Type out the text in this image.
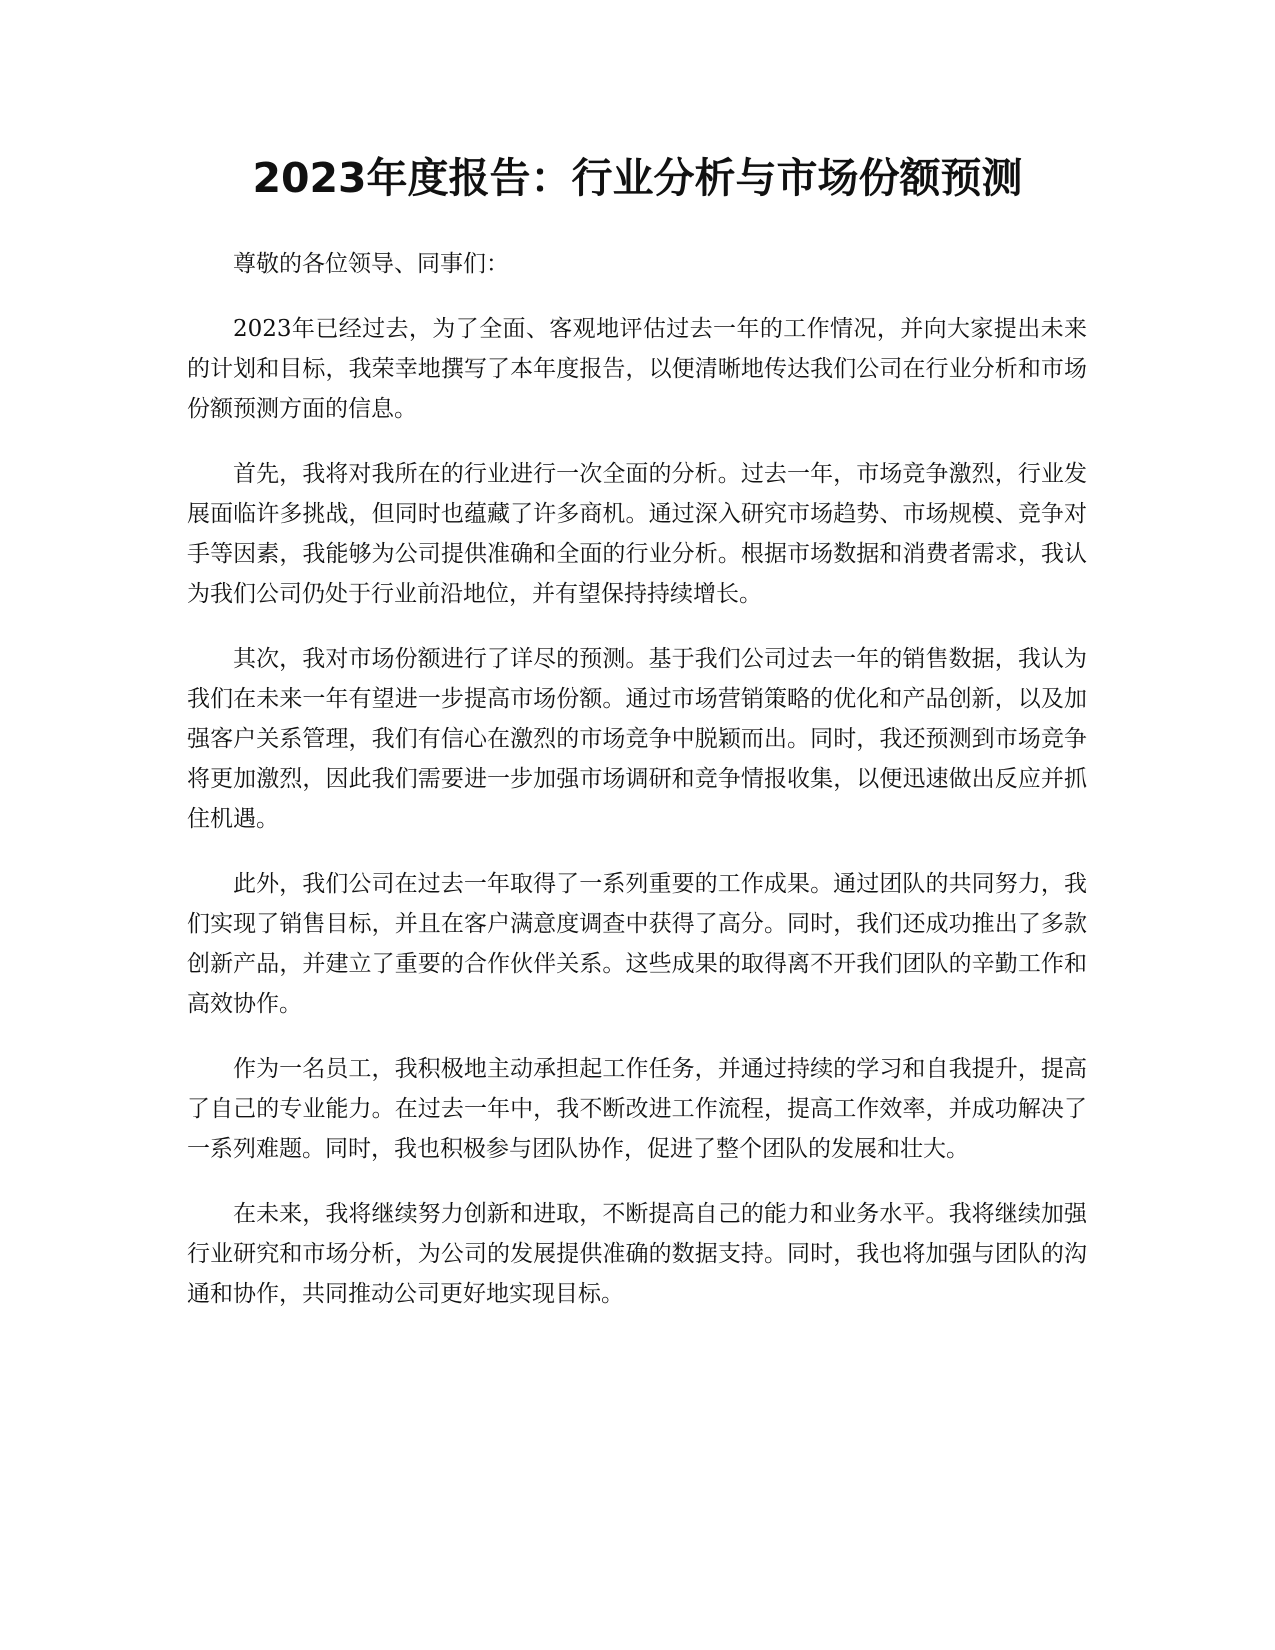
2023年度报告：行业分析与市场份额预测

尊敬的各位领导、同事们：

2023年已经过去，为了全面、客观地评估过去一年的工作情况，并向大家提出未来的计划和目标，我荣幸地撰写了本年度报告，以便清晰地传达我们公司在行业分析和市场份额预测方面的信息。

首先，我将对我所在的行业进行一次全面的分析。过去一年，市场竞争激烈，行业发展面临许多挑战，但同时也蕴藏了许多商机。通过深入研究市场趋势、市场规模、竞争对手等因素，我能够为公司提供准确和全面的行业分析。根据市场数据和消费者需求，我认为我们公司仍处于行业前沿地位，并有望保持持续增长。

其次，我对市场份额进行了详尽的预测。基于我们公司过去一年的销售数据，我认为我们在未来一年有望进一步提高市场份额。通过市场营销策略的优化和产品创新，以及加强客户关系管理，我们有信心在激烈的市场竞争中脱颖而出。同时，我还预测到市场竞争将更加激烈，因此我们需要进一步加强市场调研和竞争情报收集，以便迅速做出反应并抓住机遇。

此外，我们公司在过去一年取得了一系列重要的工作成果。通过团队的共同努力，我们实现了销售目标，并且在客户满意度调查中获得了高分。同时，我们还成功推出了多款创新产品，并建立了重要的合作伙伴关系。这些成果的取得离不开我们团队的辛勤工作和高效协作。

作为一名员工，我积极地主动承担起工作任务，并通过持续的学习和自我提升，提高了自己的专业能力。在过去一年中，我不断改进工作流程，提高工作效率，并成功解决了一系列难题。同时，我也积极参与团队协作，促进了整个团队的发展和壮大。

在未来，我将继续努力创新和进取，不断提高自己的能力和业务水平。我将继续加强行业研究和市场分析，为公司的发展提供准确的数据支持。同时，我也将加强与团队的沟通和协作，共同推动公司更好地实现目标。
